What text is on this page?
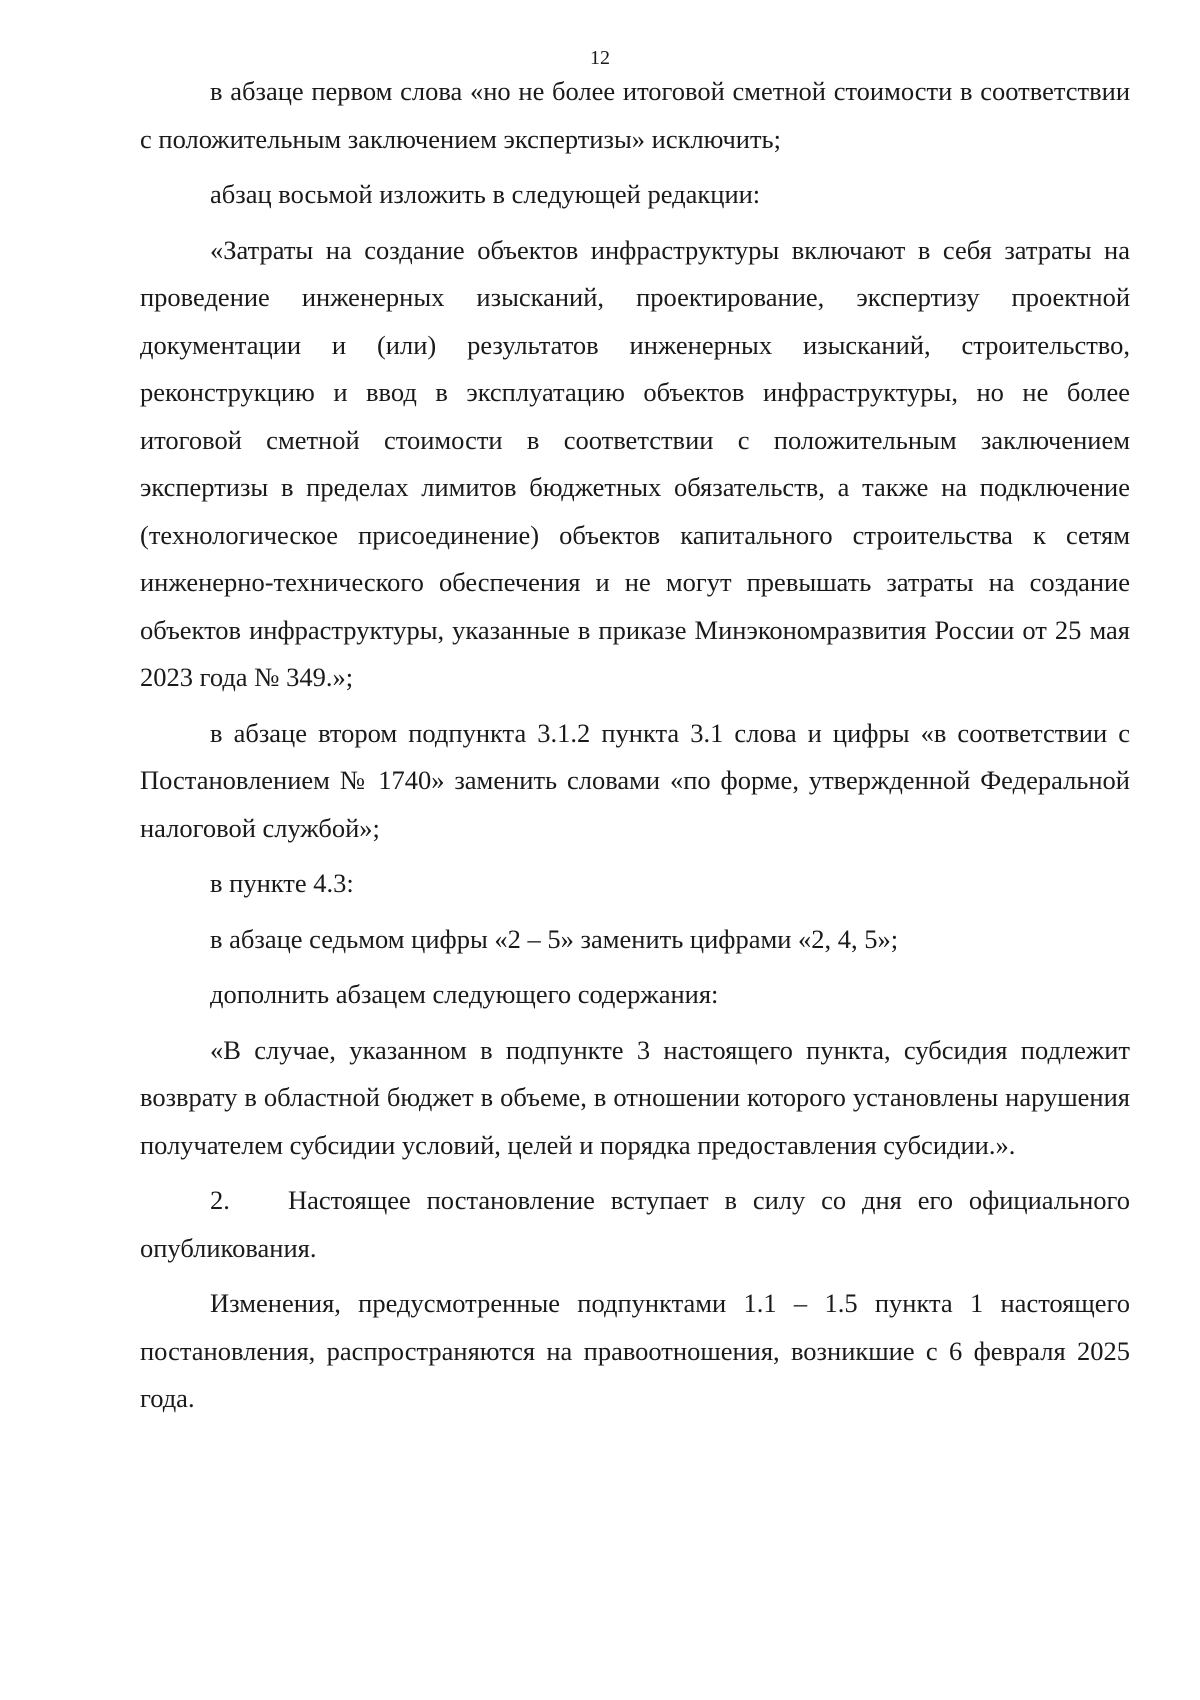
12

в абзаце первом слова «но не более итоговой сметной стоимости в соответствии с положительным заключением экспертизы» исключить;

абзац восьмой изложить в следующей редакции:

«Затраты на создание объектов инфраструктуры включают в себя затраты на проведение инженерных изысканий, проектирование, экспертизу проектной документации и (или) результатов инженерных изысканий, строительство, реконструкцию и ввод в эксплуатацию объектов инфраструктуры, но не более итоговой сметной стоимости в соответствии с положительным заключением экспертизы в пределах лимитов бюджетных обязательств, а также на подключение (технологическое присоединение) объектов капитального строительства к сетям инженерно-технического обеспечения и не могут превышать затраты на создание объектов инфраструктуры, указанные в приказе Минэкономразвития России от 25 мая 2023 года № 349.»;

в абзаце втором подпункта 3.1.2 пункта 3.1 слова и цифры «в соответствии с Постановлением № 1740» заменить словами «по форме, утвержденной Федеральной налоговой службой»;

в пункте 4.3:

в абзаце седьмом цифры «2 – 5» заменить цифрами «2, 4, 5»;

дополнить абзацем следующего содержания:

«В случае, указанном в подпункте 3 настоящего пункта, субсидия подлежит возврату в областной бюджет в объеме, в отношении которого установлены нарушения получателем субсидии условий, целей и порядка предоставления субсидии.».

2. Настоящее постановление вступает в силу со дня его официального опубликования.

Изменения, предусмотренные подпунктами 1.1 – 1.5 пункта 1 настоящего постановления, распространяются на правоотношения, возникшие с 6 февраля 2025 года.
